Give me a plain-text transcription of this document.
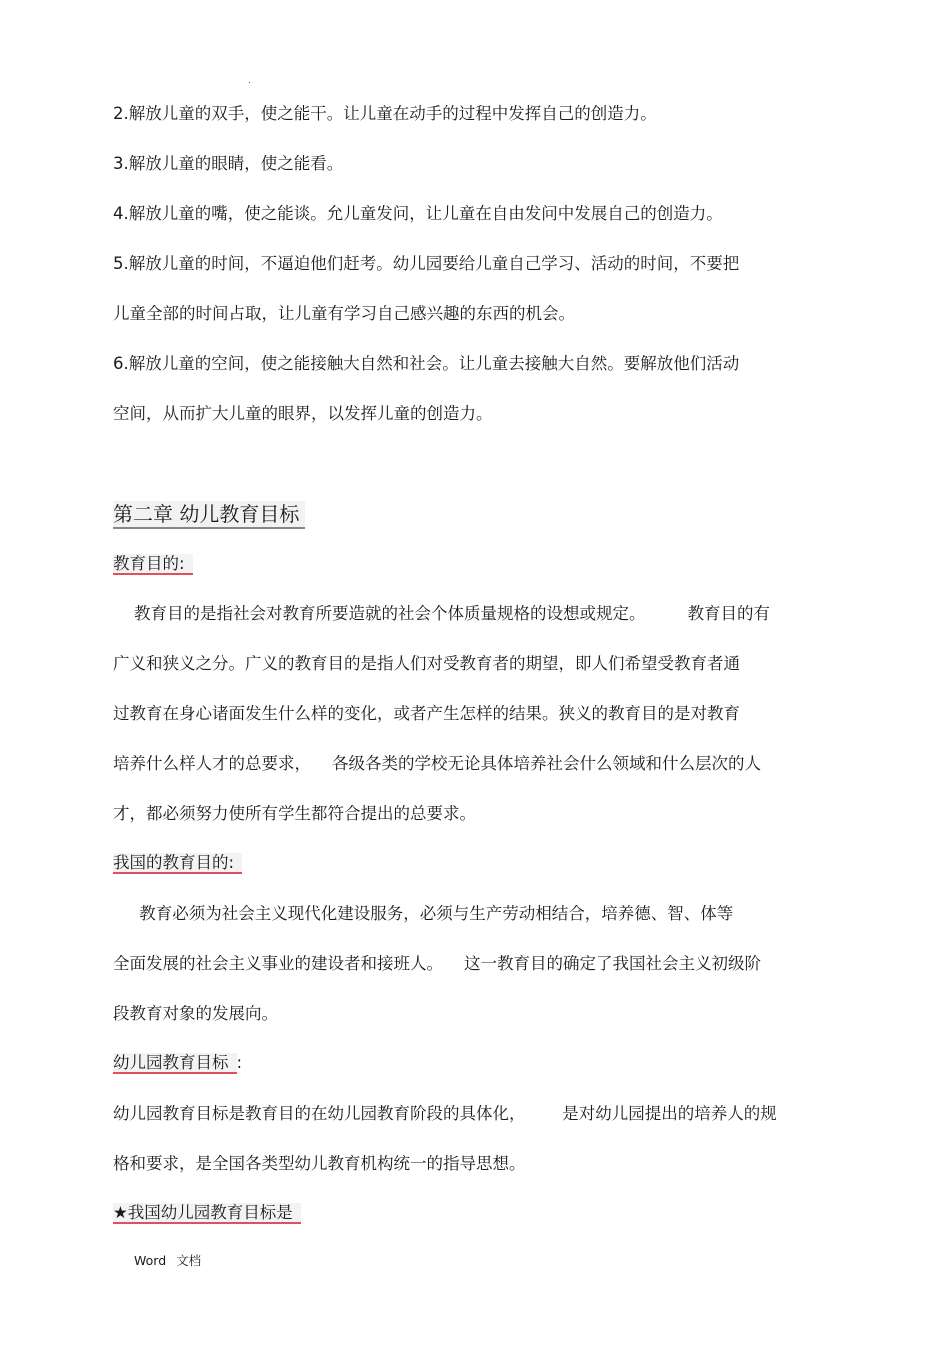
.

2.解放儿童的双手，使之能干。让儿童在动手的过程中发挥自己的创造力。

3.解放儿童的眼睛，使之能看。

4.解放儿童的嘴，使之能谈。允儿童发问，让儿童在自由发问中发展自己的创造力。

5.解放儿童的时间，不逼迫他们赶考。幼儿园要给儿童自己学习、活动的时间，不要把

儿童全部的时间占取，让儿童有学习自己感兴趣的东西的机会。

6.解放儿童的空间，使之能接触大自然和社会。让儿童去接触大自然。要解放他们活动

空间，从而扩大儿童的眼界，以发挥儿童的创造力。

第二章 幼儿教育目标

教育目的:

教育目的是指社会对教育所要造就的社会个体质量规格的设想或规定。        教育目的有

广义和狭义之分。广义的教育目的是指人们对受教育者的期望，即人们希望受教育者通

过教育在身心诸面发生什么样的变化，或者产生怎样的结果。狭义的教育目的是对教育

培养什么样人才的总要求，    各级各类的学校无论具体培养社会什么领域和什么层次的人

才，都必须努力使所有学生都符合提出的总要求。

我国的教育目的:

教育必须为社会主义现代化建设服务，必须与生产劳动相结合，培养德、智、体等

全面发展的社会主义事业的建设者和接班人。    这一教育目的确定了我国社会主义初级阶

段教育对象的发展向。

幼儿园教育目标 :

幼儿园教育目标是教育目的在幼儿园教育阶段的具体化，       是对幼儿园提出的培养人的规

格和要求，是全国各类型幼儿教育机构统一的指导思想。

★我国幼儿园教育目标是

Word 文档
